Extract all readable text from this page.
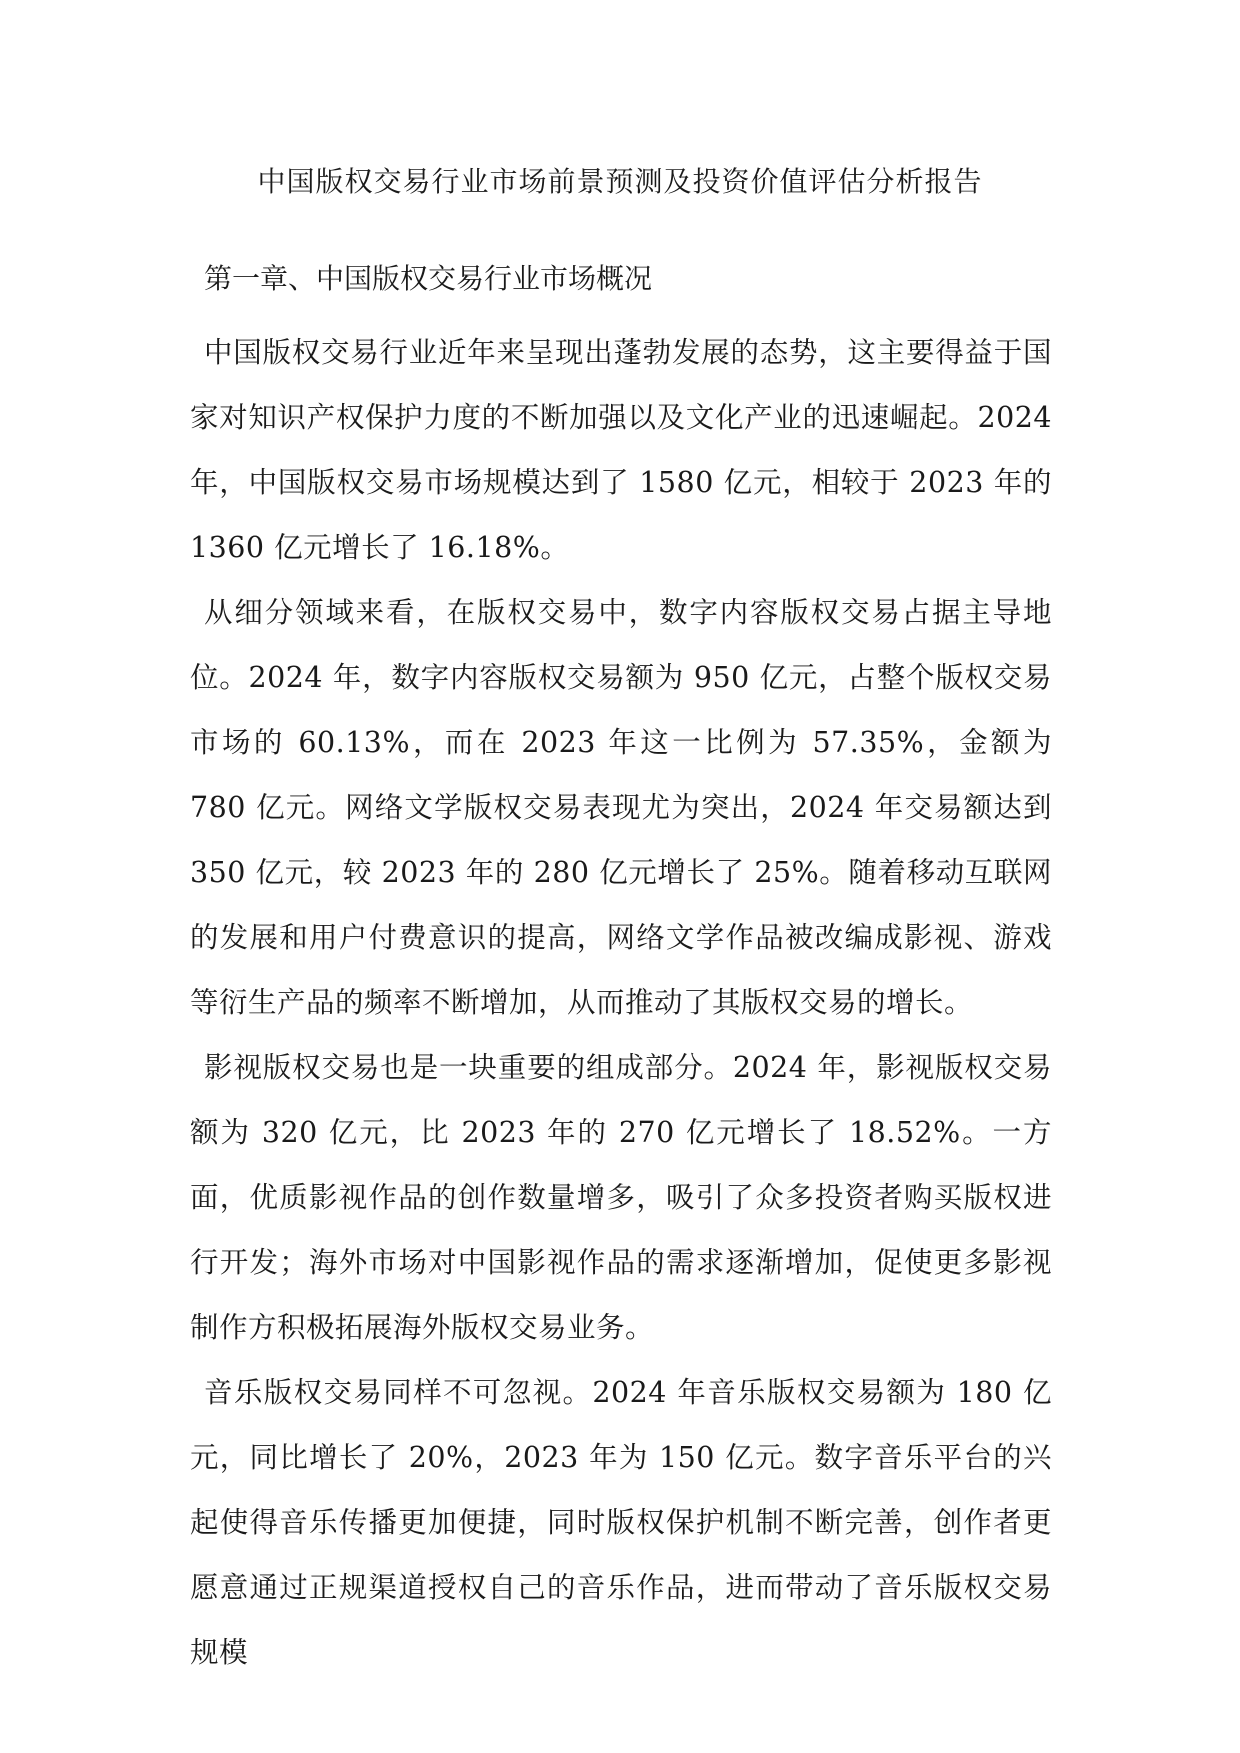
中国版权交易行业市场前景预测及投资价值评估分析报告
第一章、中国版权交易行业市场概况

中国版权交易行业近年来呈现出蓬勃发展的态势，这主要得益于国家对知识产权保护力度的不断加强以及文化产业的迅速崛起。2024 年，中国版权交易市场规模达到了 1580 亿元，相较于 2023 年的 1360 亿元增长了 16.18%。

从细分领域来看，在版权交易中，数字内容版权交易占据主导地位。2024 年，数字内容版权交易额为 950 亿元，占整个版权交易市场的 60.13%，而在 2023 年这一比例为 57.35%，金额为 780 亿元。网络文学版权交易表现尤为突出，2024 年交易额达到 350 亿元，较 2023 年的 280 亿元增长了 25%。随着移动互联网的发展和用户付费意识的提高，网络文学作品被改编成影视、游戏等衍生产品的频率不断增加，从而推动了其版权交易的增长。

影视版权交易也是一块重要的组成部分。2024 年，影视版权交易额为 320 亿元，比 2023 年的 270 亿元增长了 18.52%。一方面，优质影视作品的创作数量增多，吸引了众多投资者购买版权进行开发；海外市场对中国影视作品的需求逐渐增加，促使更多影视制作方积极拓展海外版权交易业务。

音乐版权交易同样不可忽视。2024 年音乐版权交易额为 180 亿元，同比增长了 20%，2023 年为 150 亿元。数字音乐平台的兴起使得音乐传播更加便捷，同时版权保护机制不断完善，创作者更愿意通过正规渠道授权自己的音乐作品，进而带动了音乐版权交易规模
